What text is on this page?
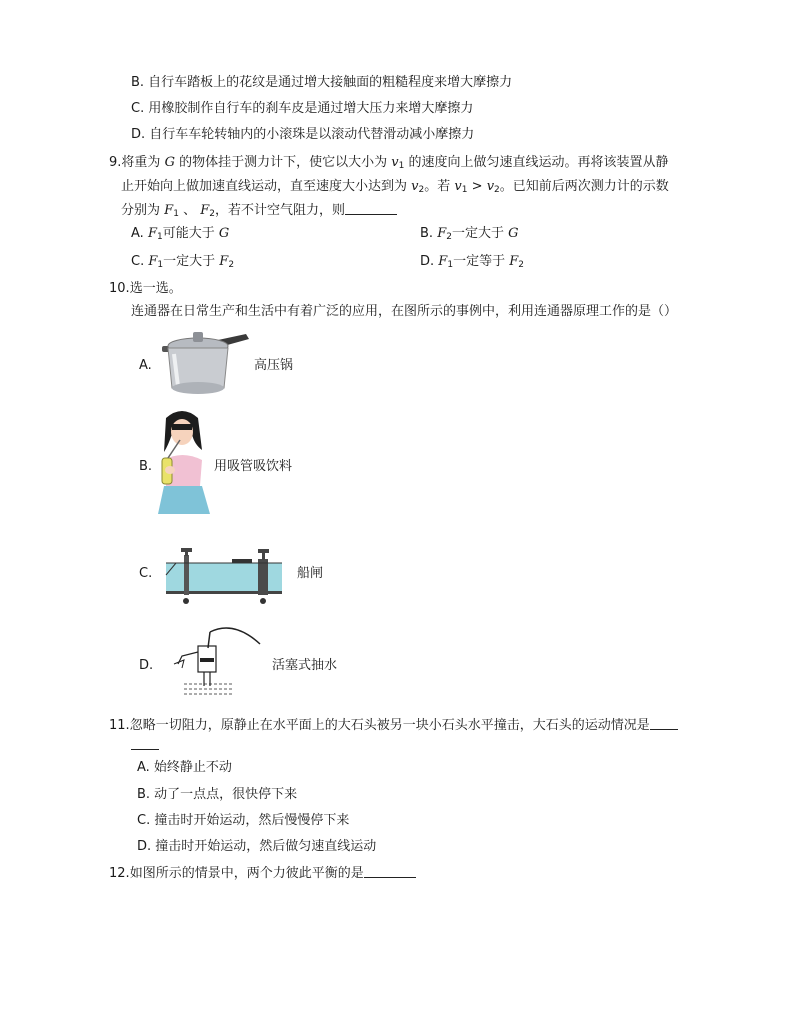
B. 自行车踏板上的花纹是通过增大接触面的粗糙程度来增大摩擦力
C. 用橡胶制作自行车的刹车皮是通过增大压力来增大摩擦力
D. 自行车车轮转轴内的小滚珠是以滚动代替滑动减小摩擦力
9.将重为 G 的物体挂于测力计下，使它以大小为 $v_1$ 的速度向上做匀速直线运动。再将该装置从静
止开始向上做加速直线运动，直至速度大小达到为 $v_2$。若 $v_1 > v_2$。已知前后两次测力计的示数
分别为 $F_1$ 、 $F_2$，若不计空气阻力，则
A. $F_1$可能大于 G	B. $F_2$一定大于 G
C. $F_1$一定大于 $F_2$	D. $F_1$一定等于 $F_2$
10.选一选。
连通器在日常生产和生活中有着广泛的应用，在图所示的事例中，利用连通器原理工作的是（）
A.	高压锅
B.	用吸管吸饮料
C.	船闸
D.	活塞式抽水
11.忽略一切阻力，原静止在水平面上的大石头被另一块小石头水平撞击，大石头的运动情况是
A. 始终静止不动
B. 动了一点点，很快停下来
C. 撞击时开始运动，然后慢慢停下来
D. 撞击时开始运动，然后做匀速直线运动
12.如图所示的情景中，两个力彼此平衡的是
